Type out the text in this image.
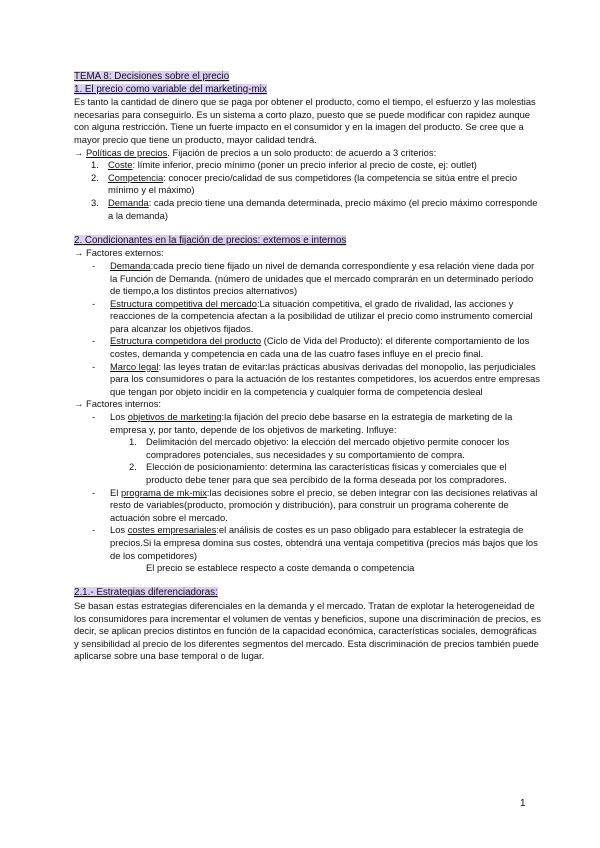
TEMA 8: Decisiones sobre el precio

1. El precio como variable del marketing-mix

Es tanto la cantidad de dinero que se paga por obtener el producto, como el tiempo, el esfuerzo y las molestias necesarias para conseguirlo. Es un sistema a corto plazo, puesto que se puede modificar con rapidez aunque con alguna restricción. Tiene un fuerte impacto en el consumidor y en la imagen del producto. Se cree que a mayor precio que tiene un producto, mayor calidad tendrá.

→ Políticas de precios. Fijación de precios a un solo producto: de acuerdo a 3 criterios:

1. Coste: límite inferior, precio mínimo (poner un precio inferior al precio de coste, ej: outlet)
2. Competencia: conocer precio/calidad de sus competidores (la competencia se sitúa entre el precio mínimo y el máximo)
3. Demanda: cada precio tiene una demanda determinada, precio máximo (el precio máximo corresponde a la demanda)

2. Condicionantes en la fijación de precios: externos e internos

→ Factores externos:

- Demanda:cada precio tiene fijado un nivel de demanda correspondiente y esa relación viene dada por la Función de Demanda. (número de unidades que el mercado comprarán en un determinado período de tiempo,a los distintos precios alternativos)
- Estructura competitiva del mercado:La situación competitiva, el grado de rivalidad, las acciones y reacciones de la competencia afectan a la posibilidad de utilizar el precio como instrumento comercial para alcanzar los objetivos fijados.
- Estructura competidora del producto (Ciclo de Vida del Producto): el diferente comportamiento de los costes, demanda y competencia en cada una de las cuatro fases influye en el precio final.
- Marco legal: las leyes tratan de evitar:las prácticas abusivas derivadas del monopolio, las perjudiciales para los consumidores o para la actuación de los restantes competidores, los acuerdos entre empresas que tengan por objeto incidir en la competencia y cualquier forma de competencia desleal

→ Factores internos:

- Los objetivos de marketing:la fijación del precio debe basarse en la estrategia de marketing de la empresa y, por tanto, depende de los objetivos de marketing. Influye:
1. Delimitación del mercado objetivo: la elección del mercado objetivo permite conocer los compradores potenciales, sus necesidades y su comportamiento de compra.
2. Elección de posicionamiento: determina las características físicas y comerciales que el producto debe tener para que sea percibido de la forma deseada por los compradores.
- El programa de mk-mix:las decisiones sobre el precio, se deben integrar con las decisiones relativas al resto de variables(producto, promoción y distribución), para construir un programa coherente de actuación sobre el mercado.
- Los costes empresariales:el análisis de costes es un paso obligado para establecer la estrategia de precios.Si la empresa domina sus costes, obtendrá una ventaja competitiva (precios más bajos que los de los competidores)

El precio se establece respecto a coste demanda o competencia

2.1.- Estrategias diferenciadoras:

Se basan estas estrategias diferenciales en la demanda y el mercado. Tratan de explotar la heterogeneidad de los consumidores para incrementar el volumen de ventas y beneficios, supone una discriminación de precios, es decir, se aplican precios distintos en función de la capacidad económica, características sociales, demográficas y sensibilidad al precio de los diferentes segmentos del mercado. Esta discriminación de precios también puede aplicarse sobre una base temporal o de lugar.

1
